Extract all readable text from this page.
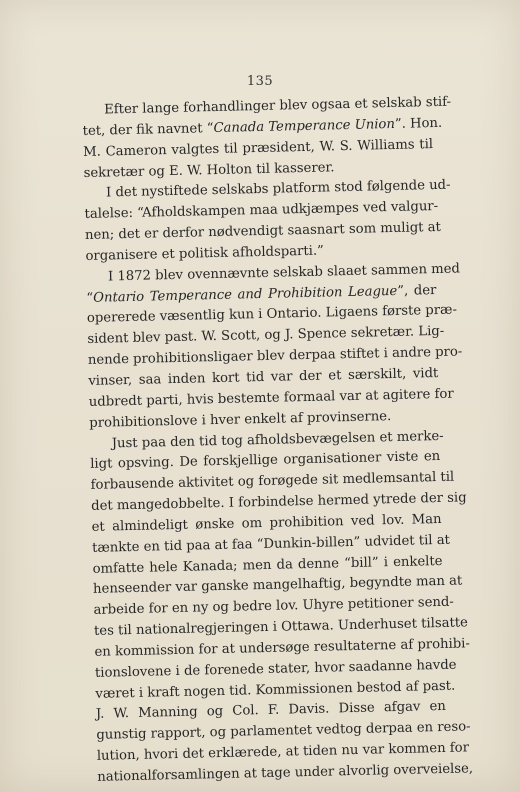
135
Efter lange forhandlinger blev ogsaa et selskab stif-
tet, der fik navnet “Canada Temperance Union”. Hon.
M. Cameron valgtes til præsident, W. S. Williams til
sekretær og E. W. Holton til kasserer.
I det nystiftede selskabs platform stod følgende ud-
talelse: “Afholdskampen maa udkjæmpes ved valgur-
nen; det er derfor nødvendigt saasnart som muligt at
organisere et politisk afholdsparti.”
I 1872 blev ovennævnte selskab slaaet sammen med
“Ontario Temperance and Prohibition League”, der
opererede væsentlig kun i Ontario. Ligaens første præ-
sident blev past. W. Scott, og J. Spence sekretær. Lig-
nende prohibitionsligaer blev derpaa stiftet i andre pro-
vinser, saa inden kort tid var der et særskilt, vidt
udbredt parti, hvis bestemte formaal var at agitere for
prohibitionslove i hver enkelt af provinserne.
Just paa den tid tog afholdsbevægelsen et merke-
ligt opsving. De forskjellige organisationer viste en
forbausende aktivitet og forøgede sit medlemsantal til
det mangedobbelte. I forbindelse hermed ytrede der sig
et almindeligt ønske om prohibition ved lov. Man
tænkte en tid paa at faa “Dunkin-billen” udvidet til at
omfatte hele Kanada; men da denne “bill” i enkelte
henseender var ganske mangelhaftig, begyndte man at
arbeide for en ny og bedre lov. Uhyre petitioner send-
tes til nationalregjeringen i Ottawa. Underhuset tilsatte
en kommission for at undersøge resultaterne af prohibi-
tionslovene i de forenede stater, hvor saadanne havde
været i kraft nogen tid. Kommissionen bestod af past.
J. W. Manning og Col. F. Davis. Disse afgav en
gunstig rapport, og parlamentet vedtog derpaa en reso-
lution, hvori det erklærede, at tiden nu var kommen for
nationalforsamlingen at tage under alvorlig overveielse,
